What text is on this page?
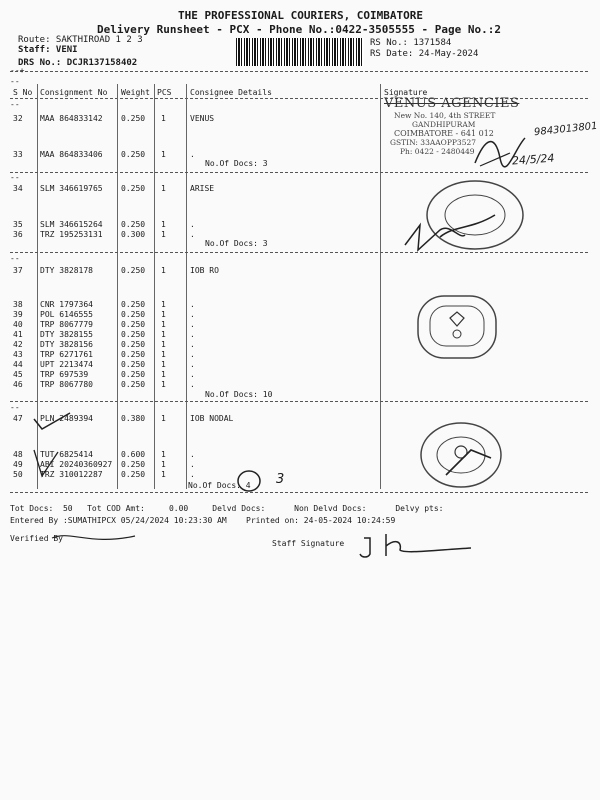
THE PROFESSIONAL COURIERS, COIMBATORE
Delivery Runsheet - PCX - Phone No.:0422-3505555 - Page No.:2
Route: SAKTHIROAD 1 2 3
Staff: VENI
DRS No.: DCJR137158402
RS No.: 1371584
RS Date: 24-May-2024
--+
--
S No Consignment No Weight PCS Consignee Details	Signature
--
32 MAA 864833142 0.250 1	VENUS
33 MAA 864833406 0.250 1	.
No.Of Docs: 3
--
34 SLM 346619765 0.250 1	ARISE
35 SLM 346615264 0.250 1	.
36 TRZ 195253131 0.300 1	.
No.Of Docs: 3
--
37 DTY 3828178	0.250 1	IOB RO
38 CNR 1797364	0.250 1	.
39 POL 6146555	0.250 1	.
40 TRP 8067779	0.250 1	.
41 DTY 3828155	0.250 1	.
42 DTY 3828156	0.250 1	.
43 TRP 6271761	0.250 1	.
44 UPT 2213474	0.250 1	.
45 TRP 697539	0.250 1	.
46 TRP 8067780	0.250 1	.
No.Of Docs: 10
--
47 PLN 2489394	0.380 1	IOB NODAL
48 TUT 6825414	0.600 1	.
49 ABI 20240360927 0.250 1	.
50 TRZ 310012287 0.250 1	.
No.Of Docs: 4
VENUS AGENCIES
New No. 140, 4th STREET
GANDHIPURAM
COIMBATORE - 641 012
GSTIN: 33AAOPP3527
Ph: 0422 - 2480449
9843013801
24/5/24
3
Tot Docs:  50   Tot COD Amt:     0.00     Delvd Docs:      Non Delvd Docs:      Delvy pts:
Entered By :SUMATHIPCX 05/24/2024 10:23:30 AM    Printed on: 24-05-2024 10:24:59
Verified By
Staff Signature
